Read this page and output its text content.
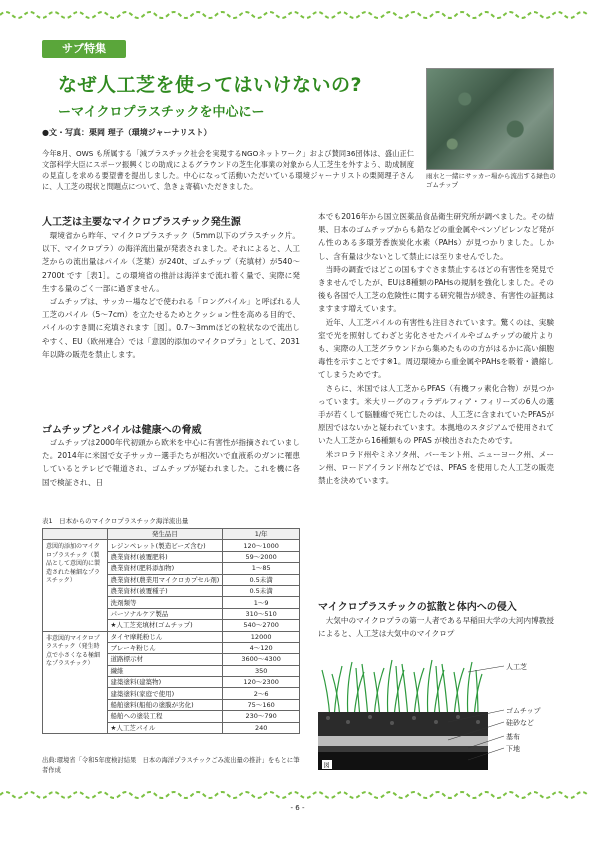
サブ特集
なぜ人工芝を使ってはいけないの?
ーマイクロプラスチックを中心にー
●文・写真：栗岡 理子（環境ジャーナリスト）
今年8月、OWS も所属する「減プラスチック社会を実現するNGOネットワーク」および賛同36団体は、盛山正仁文部科学大臣にスポーツ振興くじの助成によるグラウンドの芝生化事業の対象から人工芝生を外すよう、助成制度の見直しを求める要望書を提出しました。中心になって活動いただいている環境ジャーナリストの栗岡理子さんに、人工芝の現状と問題点について、急きょ寄稿いただきました。
雨水と一緒にサッカー場から流出する緑色のゴムチップ
人工芝は主要なマイクロプラスチック発生源

環境省から昨年、マイクロプラスチック（5mm以下のプラスチック片。以下、マイクロプラ）の海洋流出量が発表されました。それによると、人工芝からの流出量はパイル（芝葉）が240t、ゴムチップ（充填材）が540～2700t です［表1］。この環境省の推計は海洋まで流れ着く量で、実際に発生する量のごく一部に過ぎません。

ゴムチップは、サッカー場などで使われる「ロングパイル」と呼ばれる人工芝のパイル（5～7cm）を立たせるためとクッション性を高める目的で、パイルのすき間に充填されます［図］。0.7～3mmほどの粒状なので流出しやすく、EU（欧州連合）では「意図的添加のマイクロプラ」として、2031年以降の販売を禁止します。

ゴムチップとパイルは健康への脅威

ゴムチップは2000年代初頭から欧米を中心に有害性が指摘されていました。2014年に米国で女子サッカー選手たちが相次いで血液系のガンに罹患しているとテレビで報道され、ゴムチップが疑われました。これを機に各国で検証され、日

表1　日本からのマイクロプラスチック海洋流出量
	発生品目	1/年
意図的添加のマイクロプラスチック（製品として意図的に製造された極細なプラスチック）	レジンペレット(製造ビーズ含む)	120～1000
	農業資材(被覆肥料)	59～2000
	農業資材(肥料添加物)	1～85
	農業資材(農業用マイクロカプセル剤)	0.5未満
	農業資材(被覆種子)	0.5未満
	洗剤類等	1～9
	パーソナルケア製品	310～510
	★人工芝充填材(ゴムチップ)	540～2700
非意図的マイクロプラスチック（発生時点で小さくなる極細なプラスチック）	タイヤ摩耗粉じん	12000
	ブレーキ粉じん	4～120
	道路標示材	3600～4300
	繊維	350
	建築塗料(建築物)	120～2300
	建築塗料(家庭で使用)	2～6
	船舶塗料(船舶の塗膜が劣化)	75～160
	船舶への塗装工程	230～790
	★人工芝パイル	240
出典:環境省「令和5年度検討結果　日本の海洋プラスチックごみ流出量の推計」をもとに筆者作成

本でも2016年から国立医薬品食品衛生研究所が調べました。その結果、日本のゴムチップからも鉛などの重金属やベンゾピレンなど発がん性のある多環芳香族炭化水素（PAHs）が見つかりました。しかし、含有量は少ないとして禁止には至りませんでした。

当時の調査ではどこの国もすぐさま禁止するほどの有害性を発見できませんでしたが、EUは8種類のPAHsの規制を強化しました。その後も各国で人工芝の危険性に関する研究報告が続き、有害性の証拠はますます増えています。

近年、人工芝パイルの有害性も注目されています。驚くのは、実験室で光を照射してわざと劣化させたパイルやゴムチップの破片よりも、実際の人工芝グラウンドから集めたものの方がはるかに高い細胞毒性を示すことです※1。周辺環境から重金属やPAHsを吸着・濃縮してしまうためです。

さらに、米国では人工芝からPFAS（有機フッ素化合物）が見つかっています。米大リーグのフィラデルフィア・フィリーズの6人の選手が若くして脳腫瘍で死亡したのは、人工芝に含まれていたPFASが原因ではないかと疑われています。本拠地のスタジアムで使用されていた人工芝から16種類もの PFAS が検出されたためです。

米コロラド州やミネソタ州、バーモント州、ニューヨーク州、メーン州、ロードアイランド州などでは、PFAS を使用した人工芝の販売禁止を決めています。

マイクロプラスチックの拡散と体内への侵入

大気中のマイクロプラの第一人者である早稲田大学の大河内博教授によると、人工芝は大気中のマイクロプ

人工芝
ゴムチップ
硅砂など
基布
下地
図
- 6 -
